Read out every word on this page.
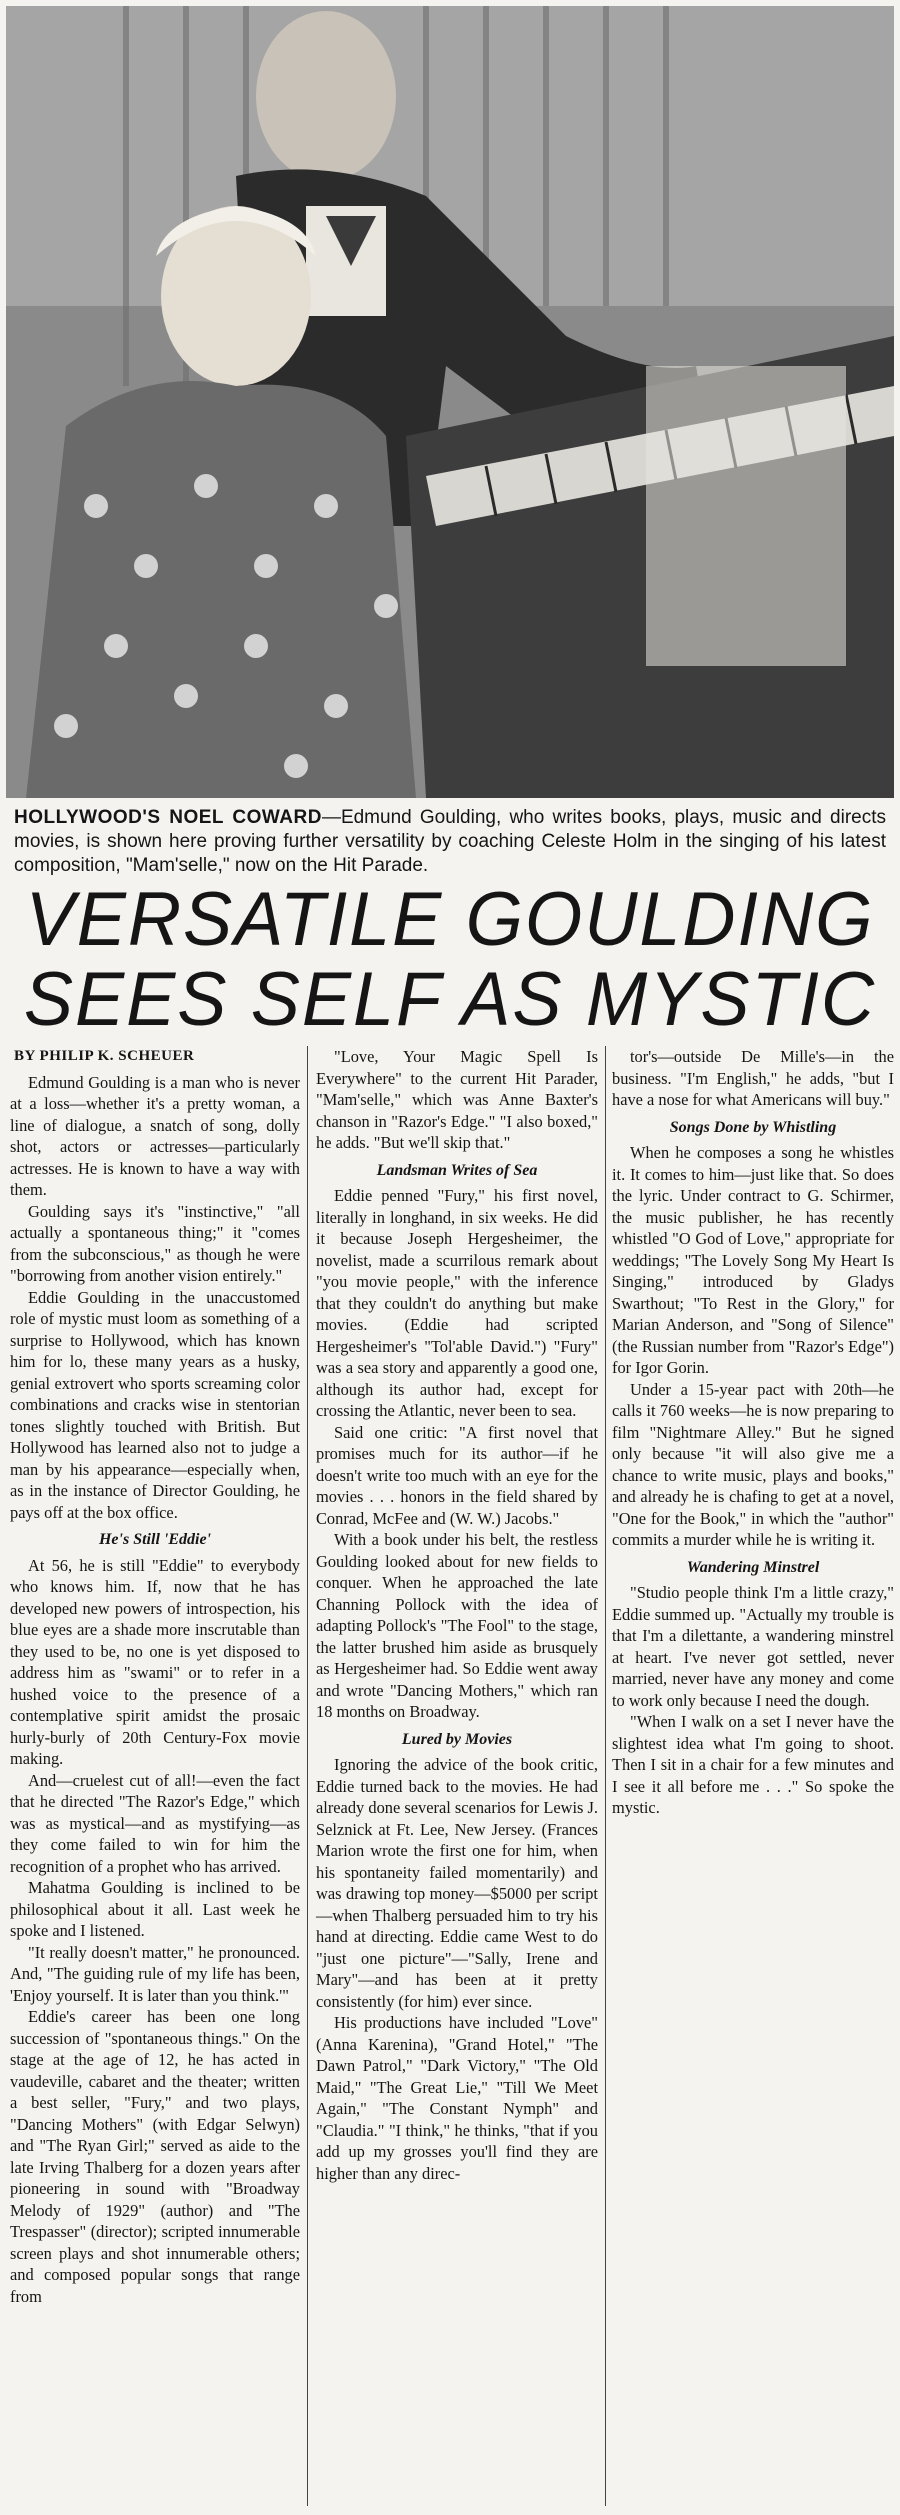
HOLLYWOOD'S NOEL COWARD—Edmund Goulding, who writes books, plays, music and directs movies, is shown here proving further versatility by coaching Celeste Holm in the singing of his latest composition, "Mam'selle," now on the Hit Parade.
VERSATILE GOULDING
SEES SELF AS MYSTIC
BY PHILIP K. SCHEUER

Edmund Goulding is a man who is never at a loss—whether it's a pretty woman, a line of dialogue, a snatch of song, dolly shot, actors or actresses—particularly actresses. He is known to have a way with them.

Goulding says it's "instinctive," "all actually a spontaneous thing;" it "comes from the subconscious," as though he were "borrowing from another vision entirely."

Eddie Goulding in the unaccustomed role of mystic must loom as something of a surprise to Hollywood, which has known him for lo, these many years as a husky, genial extrovert who sports screaming color combinations and cracks wise in stentorian tones slightly touched with British. But Hollywood has learned also not to judge a man by his appearance—especially when, as in the instance of Director Goulding, he pays off at the box office.

He's Still 'Eddie'

At 56, he is still "Eddie" to everybody who knows him. If, now that he has developed new powers of introspection, his blue eyes are a shade more inscrutable than they used to be, no one is yet disposed to address him as "swami" or to refer in a hushed voice to the presence of a contemplative spirit amidst the prosaic hurly-burly of 20th Century-Fox movie making.

And—cruelest cut of all!—even the fact that he directed "The Razor's Edge," which was as mystical—and as mystifying—as they come failed to win for him the recognition of a prophet who has arrived.

Mahatma Goulding is inclined to be philosophical about it all. Last week he spoke and I listened.

"It really doesn't matter," he pronounced. And, "The guiding rule of my life has been, 'Enjoy yourself. It is later than you think.'"

Eddie's career has been one long succession of "spontaneous things." On the stage at the age of 12, he has acted in vaudeville, cabaret and the theater; written a best seller, "Fury," and two plays, "Dancing Mothers" (with Edgar Selwyn) and "The Ryan Girl;" served as aide to the late Irving Thalberg for a dozen years after pioneering in sound with "Broadway Melody of 1929" (author) and "The Trespasser" (director); scripted innumerable screen plays and shot innumerable others; and composed popular songs that range from

"Love, Your Magic Spell Is Everywhere" to the current Hit Parader, "Mam'selle," which was Anne Baxter's chanson in "Razor's Edge." "I also boxed," he adds. "But we'll skip that."

Landsman Writes of Sea

Eddie penned "Fury," his first novel, literally in longhand, in six weeks. He did it because Joseph Hergesheimer, the novelist, made a scurrilous remark about "you movie people," with the inference that they couldn't do anything but make movies. (Eddie had scripted Hergesheimer's "Tol'able David.") "Fury" was a sea story and apparently a good one, although its author had, except for crossing the Atlantic, never been to sea.

Said one critic: "A first novel that promises much for its author—if he doesn't write too much with an eye for the movies . . . honors in the field shared by Conrad, McFee and (W. W.) Jacobs."

With a book under his belt, the restless Goulding looked about for new fields to conquer. When he approached the late Channing Pollock with the idea of adapting Pollock's "The Fool" to the stage, the latter brushed him aside as brusquely as Hergesheimer had. So Eddie went away and wrote "Dancing Mothers," which ran 18 months on Broadway.

Lured by Movies

Ignoring the advice of the book critic, Eddie turned back to the movies. He had already done several scenarios for Lewis J. Selznick at Ft. Lee, New Jersey. (Frances Marion wrote the first one for him, when his spontaneity failed momentarily) and was drawing top money—$5000 per script—when Thalberg persuaded him to try his hand at directing. Eddie came West to do "just one picture"—"Sally, Irene and Mary"—and has been at it pretty consistently (for him) ever since.

His productions have included "Love" (Anna Karenina), "Grand Hotel," "The Dawn Patrol," "Dark Victory," "The Old Maid," "The Great Lie," "Till We Meet Again," "The Constant Nymph" and "Claudia." "I think," he thinks, "that if you add up my grosses you'll find they are higher than any direc-

tor's—outside De Mille's—in the business. "I'm English," he adds, "but I have a nose for what Americans will buy."

Songs Done by Whistling

When he composes a song he whistles it. It comes to him—just like that. So does the lyric. Under contract to G. Schirmer, the music publisher, he has recently whistled "O God of Love," appropriate for weddings; "The Lovely Song My Heart Is Singing," introduced by Gladys Swarthout; "To Rest in the Glory," for Marian Anderson, and "Song of Silence" (the Russian number from "Razor's Edge") for Igor Gorin.

Under a 15-year pact with 20th—he calls it 760 weeks—he is now preparing to film "Nightmare Alley." But he signed only because "it will also give me a chance to write music, plays and books," and already he is chafing to get at a novel, "One for the Book," in which the "author" commits a murder while he is writing it.

Wandering Minstrel

"Studio people think I'm a little crazy," Eddie summed up. "Actually my trouble is that I'm a dilettante, a wandering minstrel at heart. I've never got settled, never married, never have any money and come to work only because I need the dough.

"When I walk on a set I never have the slightest idea what I'm going to shoot. Then I sit in a chair for a few minutes and I see it all before me . . ." So spoke the mystic.
